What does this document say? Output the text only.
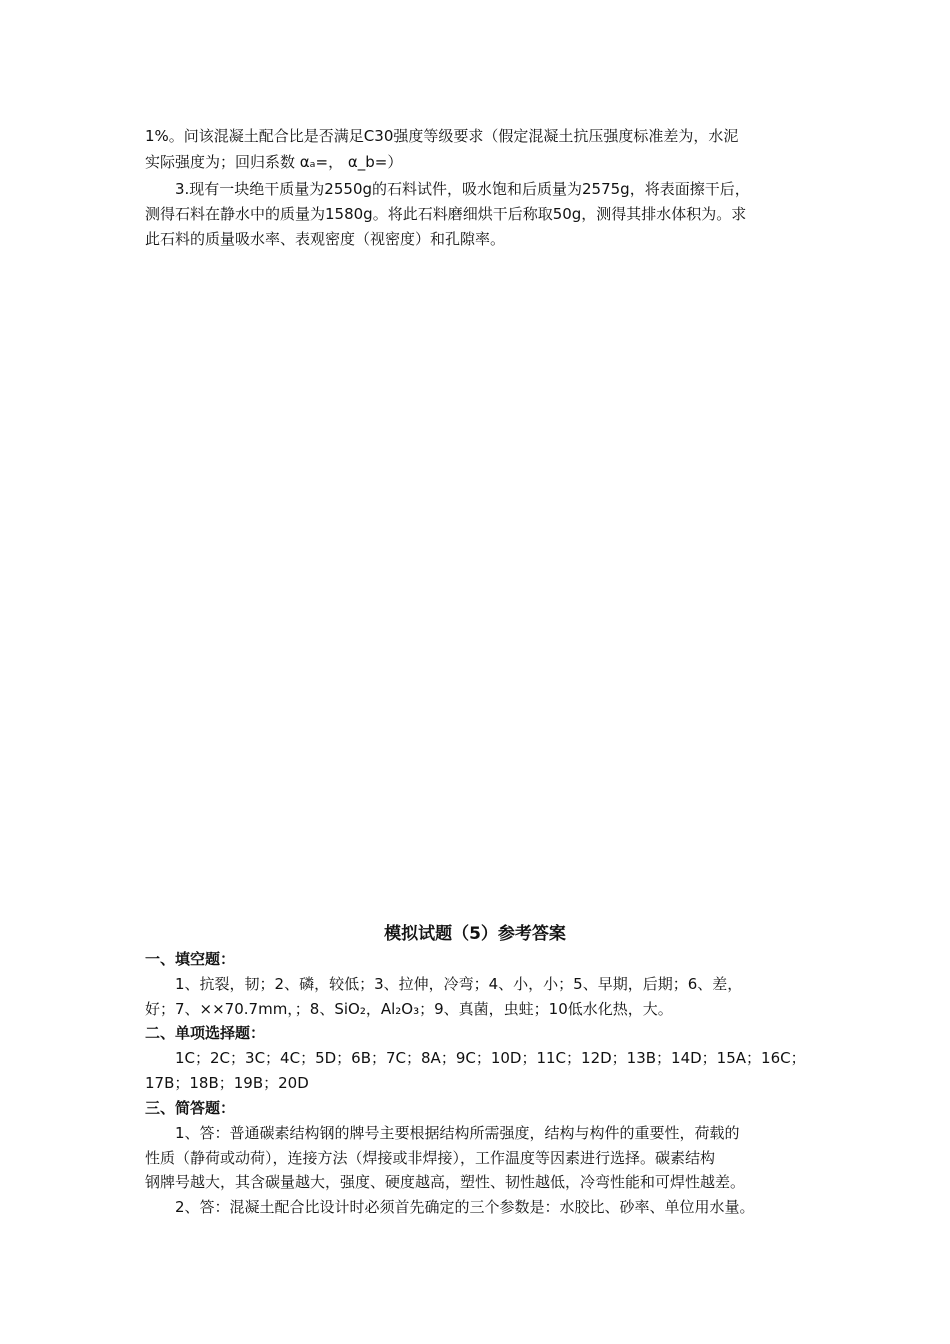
1%。问该混凝土配合比是否满足C30强度等级要求（假定混凝土抗压强度标准差为，水泥
实际强度为；回归系数 αₐ=， α_b=）
3.现有一块绝干质量为2550g的石料试件，吸水饱和后质量为2575g，将表面擦干后，
测得石料在静水中的质量为1580g。将此石料磨细烘干后称取50g，测得其排水体积为。求
此石料的质量吸水率、表观密度（视密度）和孔隙率。
模拟试题（5）参考答案
一、填空题：
1、抗裂，韧；2、磷，较低；3、拉伸，冷弯；4、小，小；5、早期，后期；6、差，
好；7、××70.7mm，；8、SiO₂，Al₂O₃；9、真菌，虫蛀；10低水化热，大。
二、单项选择题：
1C；2C；3C；4C；5D；6B；7C；8A；9C；10D；11C；12D；13B；14D；15A；16C；
17B；18B；19B；20D
三、简答题：
1、答：普通碳素结构钢的牌号主要根据结构所需强度，结构与构件的重要性，荷载的
性质（静荷或动荷），连接方法（焊接或非焊接），工作温度等因素进行选择。碳素结构
钢牌号越大，其含碳量越大，强度、硬度越高，塑性、韧性越低，冷弯性能和可焊性越差。
2、答：混凝土配合比设计时必须首先确定的三个参数是：水胶比、砂率、单位用水量。
